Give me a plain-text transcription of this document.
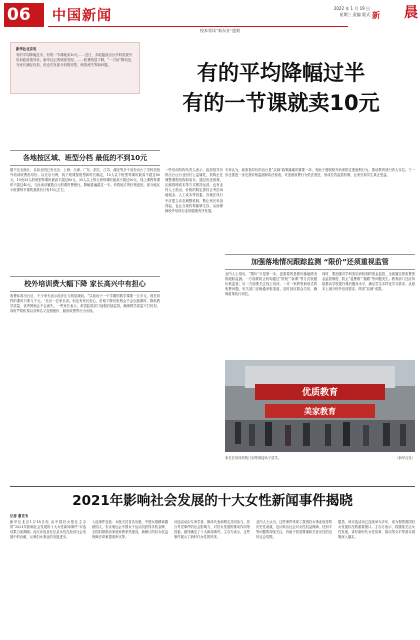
06	中国新闻	2022 年 1 月 19 日
星期三 责编 版式 新 晨
校本领读“新东亚”盛刻
新华社北京电
有的平均降幅过半，有的一节课就卖10元……近日，多地陆续出台学科类校外培训政府指导价。新华社记者调查发现，……收费明显下降，“一刀切”降价也为家长减轻负担，但也引发部分机构转型、师资流失等新问题。	有的平均降幅过半
有的一节课就卖10元
各地按区域、班型分档 最低的不到10元
校外培训费大幅下降 家长高兴中有担心
加强落地情况跟踪监测 “限价”还须重视监管
据不完全统计，目前全国已有北京、上海、天津、广东、浙江、江苏、湖北等多个省份出台了学科类校外培训收费指导价。以北京为例，线下班课按班型和时长确定，10人以下班型每课时最高不超过80元，10至35人的班型每课时最高不超过60元，35人以上的大班每课时最高不超过50元，线上课程每课时不超过40元。与此前动辄数百元的课时费相比，降幅普遍超过一半。有的地方的价格更低，部分地区小班课每节课的基准价只有10元左右。
收费标准出台后，不少家长表示经济压力明显减轻。“以前孩子一个学期的数学课要一万多元，现在同样的课时只要几千元。”北京一位家长说。但也有家长担心，价格下降后机构会不会压缩课时、降低教学质量，优秀教师会不会流失。一些家长表示，希望监管部门加强后续监管，确保教学质量不打折扣，同时严防机构以各种名义变相涨价、隐形收费等行为出现。
一些培训机构负责人表示，政府指导价的出台让行业回归公益属性，机构正在调整课程结构和成本，通过优化排课、压缩管理成本等方式维持运营。也有业内人士指出，价格的制定需综合考虑场地租金、人工成本等因素，各地在执行中应建立动态调整机制，既让家长负担得起，也让合规机构能够生存，从而保障校外培训行业的健康有序发展。
专家认为，政府指导价的出台是“双减”政策落地的重要一环，有助于遏制校外培训的过度逐利行为，推动教育回归育人本位。下一步还需进一步完善价格监测和执法检查，对违规收费行为依法查处，形成长效监管机制，让家长和学生真正受益。
业内人士指出，“限价”只是第一步，更重要的是做好落地情况的跟踪监测。一方面要防止机构通过“拼班”“拆课”等方式规避价格监管；另一方面要关注线上培训、一对一家教等新形式的收费问题。有关部门应畅通举报渠道，及时回应群众关切，确保政策执行到位。
同时，要加强对学科类培训机构的资金监管，全面落实预收费资金监管制度，防止“退费难”“跑路”等问题发生。教育部门还应持续推动学校提升课后服务水平，满足学生多样化学习需求，从根本上减少校外培训需求，巩固“双减”成果。
优质教育
美家教育
家长在培训机构门前等候接孩子放学。	（新华社发）
2021年影响社会发展的十大女性新闻事件揭晓
记者 谢克韦
新华社北京1月18日电 由中国妇女报社主办的“2021年影响社会发展的十大女性新闻事件”评选结果日前揭晓。此次评选旨在记录女性在经济社会发展中的贡献，反映妇女事业的发展进步。
入选事件包括：女航天员首次出舱，中国女排精神激励国人，东京奥运会中国女子运动员获得多枚金牌，全国妇联推动家庭家教家风建设，新修订的妇女权益保障法草案提请审议等。
评选活动由专家学者、媒体代表和网友共同参与，综合考虑事件的社会影响力、对妇女发展的推动作用等因素，最终确定了十大新闻事件。主办方表示，这些事件展示了新时代女性的风采。
业内人士认为，这些事件体现了我国妇女事业取得的历史性成就，也反映出社会对女性权益保障、性别平等问题的持续关注，有助于营造尊重和关爱女性的良好社会氛围。
据悉，该评选活动已连续举办多年，成为观察我国妇女发展状况的重要窗口。主办方表示，将继续关注女性发展，讲好新时代女性故事，推动男女平等基本国策深入落实。
